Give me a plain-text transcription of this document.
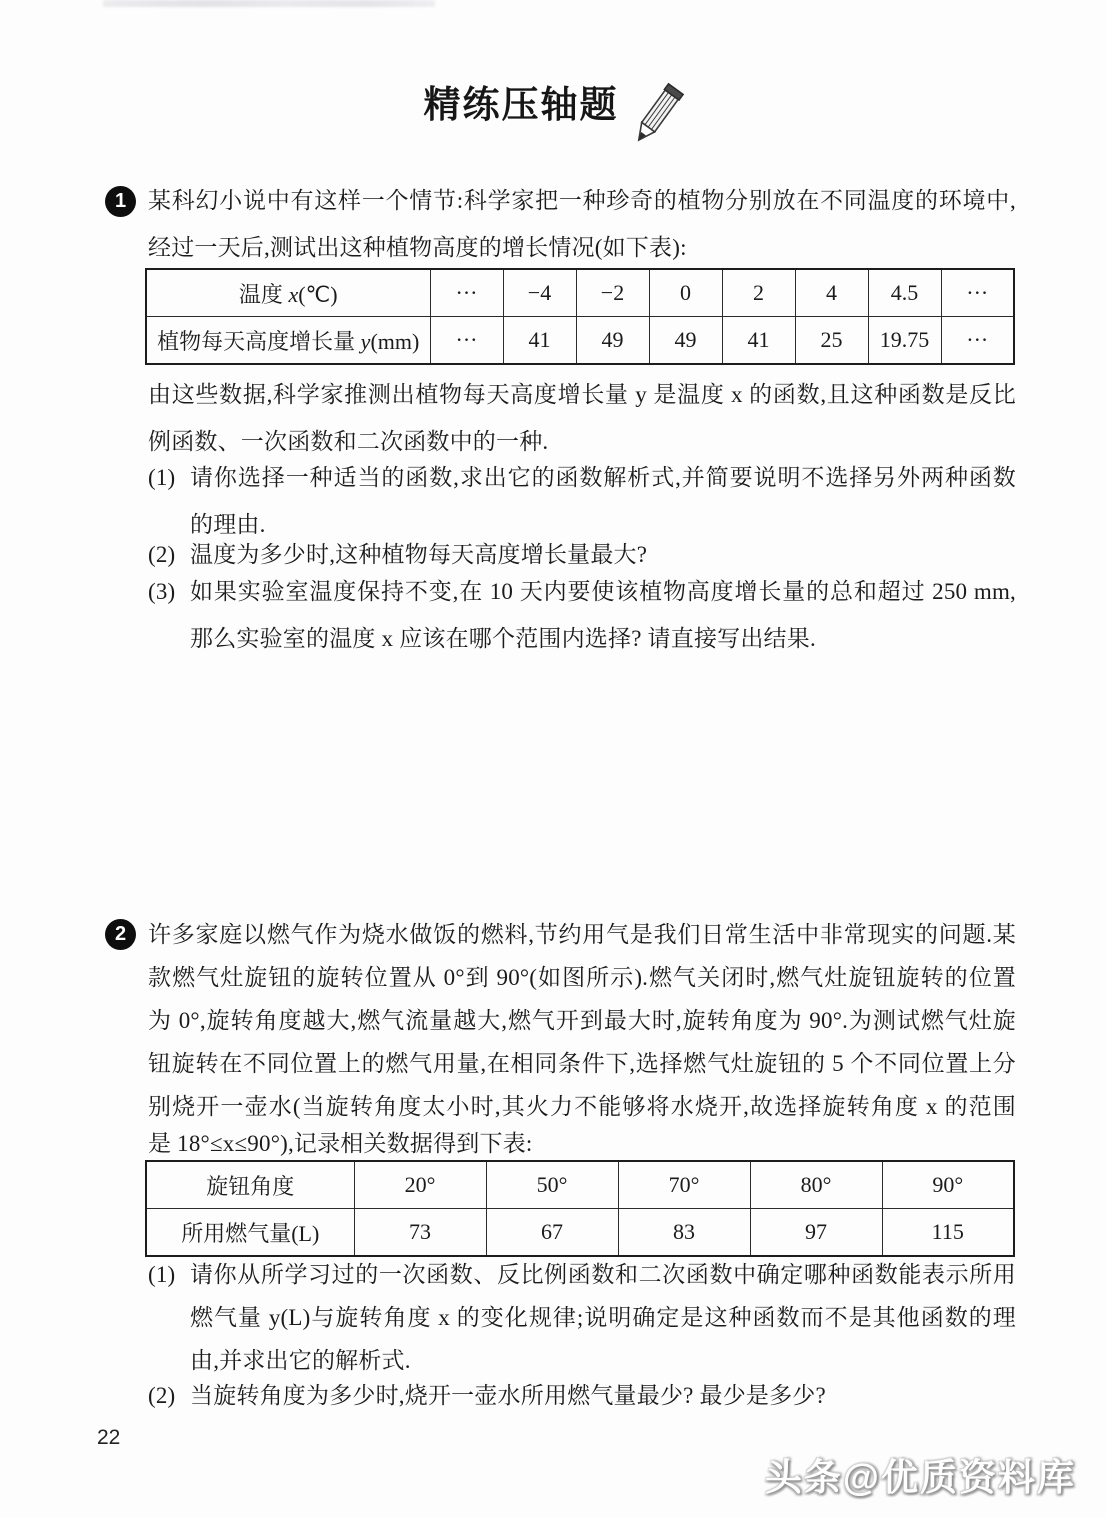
精练压轴题
1 某科幻小说中有这样一个情节:科学家把一种珍奇的植物分别放在不同温度的环境中,
经过一天后,测试出这种植物高度的增长情况(如下表):
温度 x(℃)	···	−4	−2	0	2	4	4.5	···
植物每天高度增长量 y(mm)	···	41	49	49	41	25	19.75	···
由这些数据,科学家推测出植物每天高度增长量 y 是温度 x 的函数,且这种函数是反比
例函数、一次函数和二次函数中的一种.
(1) 请你选择一种适当的函数,求出它的函数解析式,并简要说明不选择另外两种函数
的理由.
(2) 温度为多少时,这种植物每天高度增长量最大?
(3) 如果实验室温度保持不变,在 10 天内要使该植物高度增长量的总和超过 250 mm,
那么实验室的温度 x 应该在哪个范围内选择? 请直接写出结果.
2 许多家庭以燃气作为烧水做饭的燃料,节约用气是我们日常生活中非常现实的问题.某
款燃气灶旋钮的旋转位置从 0°到 90°(如图所示).燃气关闭时,燃气灶旋钮旋转的位置
为 0°,旋转角度越大,燃气流量越大,燃气开到最大时,旋转角度为 90°.为测试燃气灶旋
钮旋转在不同位置上的燃气用量,在相同条件下,选择燃气灶旋钮的 5 个不同位置上分
别烧开一壶水(当旋转角度太小时,其火力不能够将水烧开,故选择旋转角度 x 的范围
是 18°≤x≤90°),记录相关数据得到下表:
旋钮角度	20°	50°	70°	80°	90°
所用燃气量(L)	73	67	83	97	115
(1) 请你从所学习过的一次函数、反比例函数和二次函数中确定哪种函数能表示所用
燃气量 y(L)与旋转角度 x 的变化规律;说明确定是这种函数而不是其他函数的理
由,并求出它的解析式.
(2) 当旋转角度为多少时,烧开一壶水所用燃气量最少? 最少是多少?
22
头条@优质资料库
